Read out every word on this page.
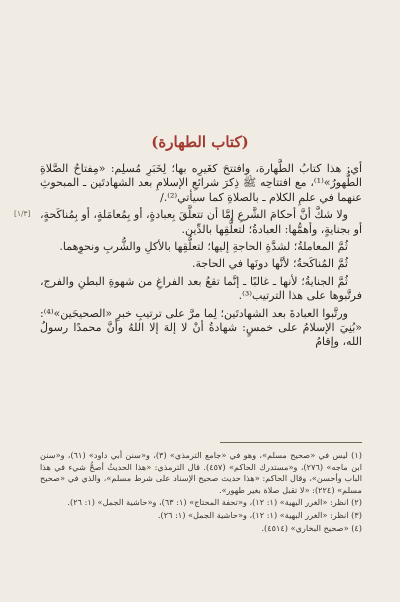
(كتاب الطهارة)
[١/٣]

أي: هذا كتابُ الطَّهارة، وافتتحَ كغَيرِه بها؛ لِخَبَرِ مُسلِم: «مِفتاحُ الصَّلاةِ الطُّهورُ»⁽¹⁾، مع افتتاحِه ﷺ ذِكرَ شرائعِ الإسلامِ بعد الشهادتَين ـ المبحوثِ عنهما في علمِ الكلام ـ بالصلاةِ كما سيأتي⁽²⁾./

ولا شكَّ أنَّ أحكامَ الشَّرعِ إمَّا أن تتعلَّقَ بِعبادةٍ، أو بِمُعامَلةٍ، أو بِمُناكَحةٍ، أو بجنايةٍ، وأهمُّها: العبادةُ؛ لتعلُّقِها بالدِّين.

ثُمَّ المعاملةُ؛ لشدَّةِ الحاجةِ إليها؛ لتعلُّقِها بالأكلِ والشُّربِ ونحوِهما.

ثُمَّ المُناكَحةُ؛ لأنَّها دونَها في الحاجة.

ثُمَّ الجنايةُ؛ لأنها ـ غالبًا ـ إنَّما تقعُ بعد الفراغِ من شهوةِ البطنِ والفرج، فرتَّبوها على هذا الترتيب⁽³⁾.

ورتَّبوا العبادةَ بعد الشهادتَين؛ لِما مرَّ على ترتيبِ خبرِ «الصحيحَين»⁽⁴⁾: «بُنِيَ الإسلامُ على خمسٍ: شهادةُ أنْ لا إلهَ إلا اللهُ وأنَّ محمدًا رسولُ الله، وإقامُ

(١) ليس في «صحيح مسلم»، وهو في «جامع الترمذي» (٣)، و«سنن أبي داود» (٦١)، و«سنن ابن ماجه» (٢٧٦)، و«مستدرك الحاكم» (٤٥٧). قال الترمذي: «هذا الحديثُ أصحُّ شيء في هذا الباب وأحسن»، وقال الحاكم: «هذا حديث صحيح الإسناد على شرط مسلم»، والذي في «صحيح مسلم» (٢٢٤): «لا تقبل صلاة بغير طهور».

(٢) انظر: «الغرر البهية» (١: ١٢)، و«تحفة المحتاج» (١: ٦٣)، و«حاشية الجمل» (١: ٢٦).

(٣) انظر: «الغرر البهية» (١: ١٢)، و«حاشية الجمل» (١: ٢٦).

(٤) «صحيح البخاري» (٤٥١٤).
